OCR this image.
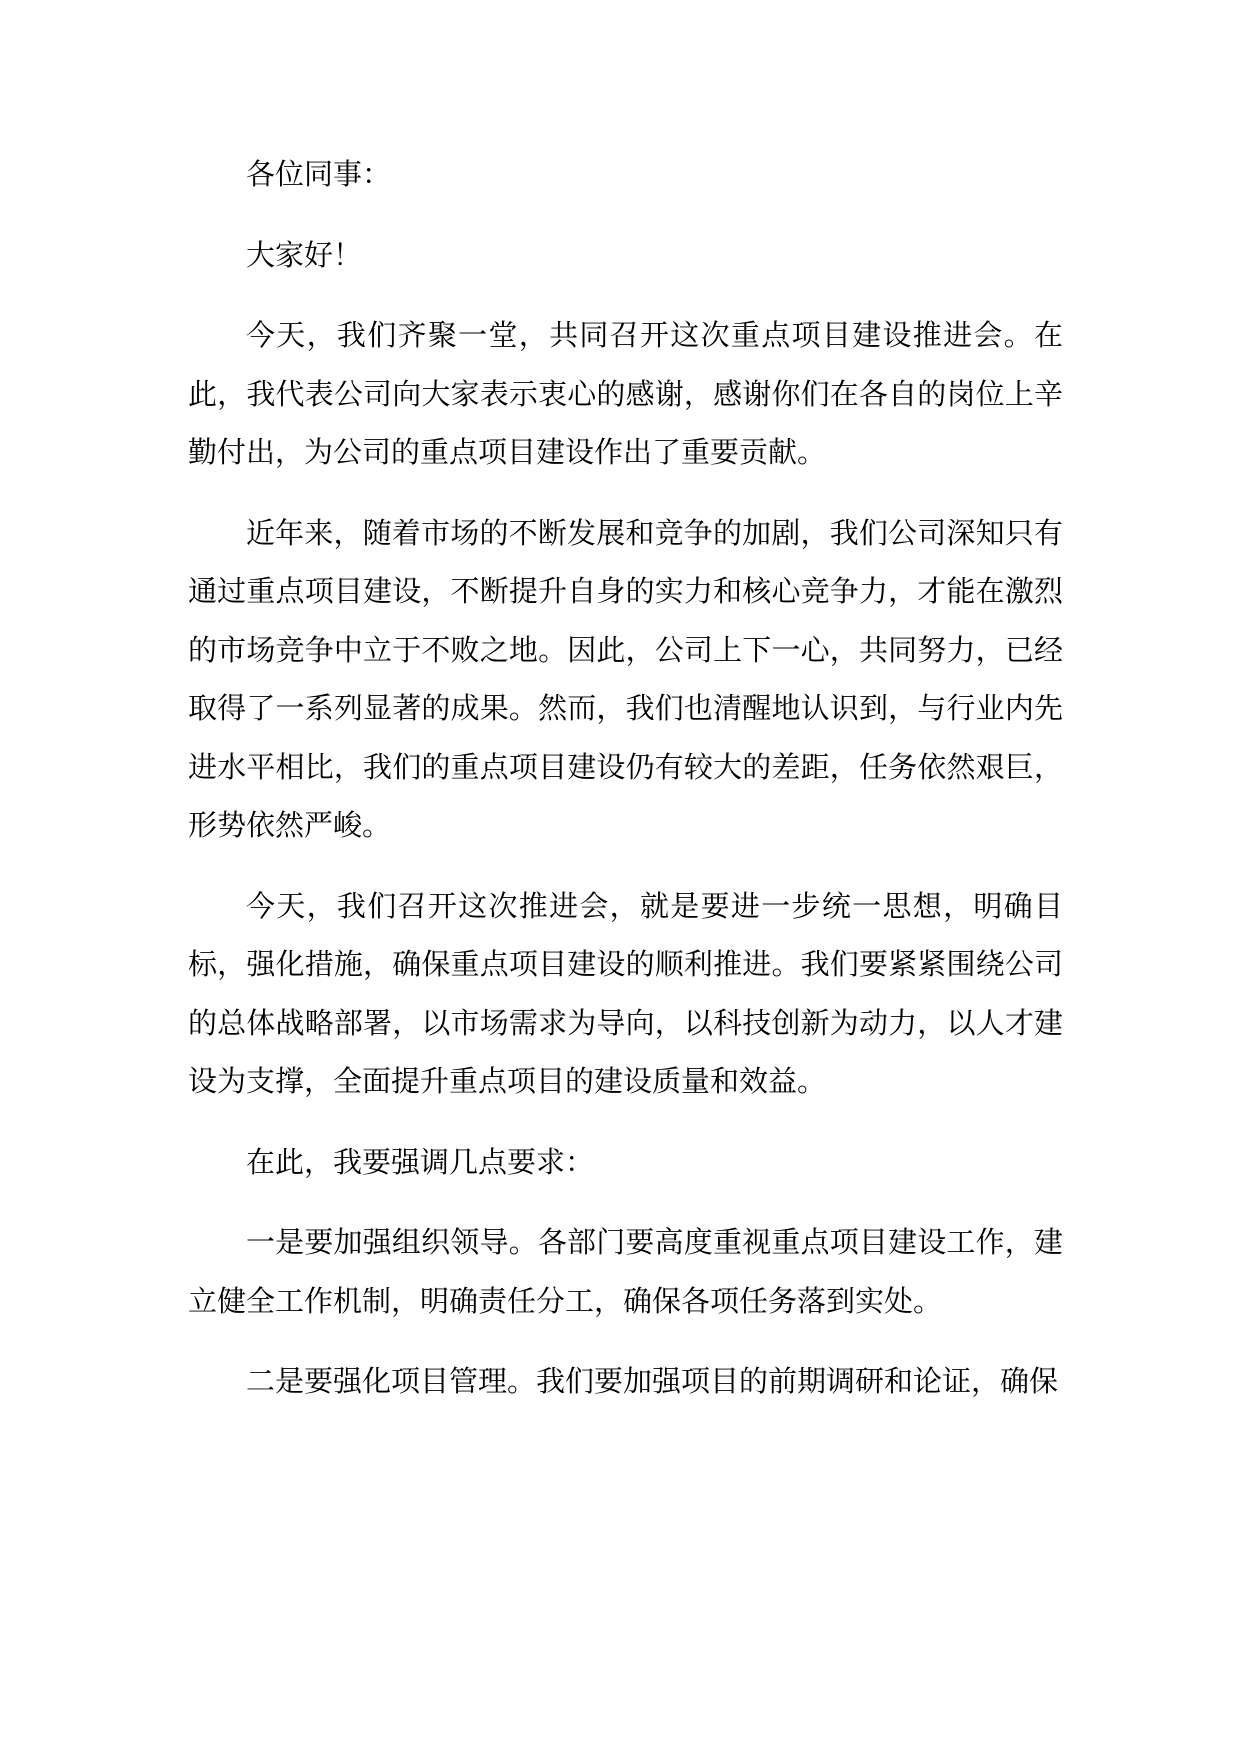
各位同事：

大家好！

今天，我们齐聚一堂，共同召开这次重点项目建设推进会。在此，我代表公司向大家表示衷心的感谢，感谢你们在各自的岗位上辛勤付出，为公司的重点项目建设作出了重要贡献。

近年来，随着市场的不断发展和竞争的加剧，我们公司深知只有通过重点项目建设，不断提升自身的实力和核心竞争力，才能在激烈的市场竞争中立于不败之地。因此，公司上下一心，共同努力，已经取得了一系列显著的成果。然而，我们也清醒地认识到，与行业内先进水平相比，我们的重点项目建设仍有较大的差距，任务依然艰巨，形势依然严峻。

今天，我们召开这次推进会，就是要进一步统一思想，明确目标，强化措施，确保重点项目建设的顺利推进。我们要紧紧围绕公司的总体战略部署，以市场需求为导向，以科技创新为动力，以人才建设为支撑，全面提升重点项目的建设质量和效益。

在此，我要强调几点要求：

一是要加强组织领导。各部门要高度重视重点项目建设工作，建立健全工作机制，明确责任分工，确保各项任务落到实处。

二是要强化项目管理。我们要加强项目的前期调研和论证，确保
